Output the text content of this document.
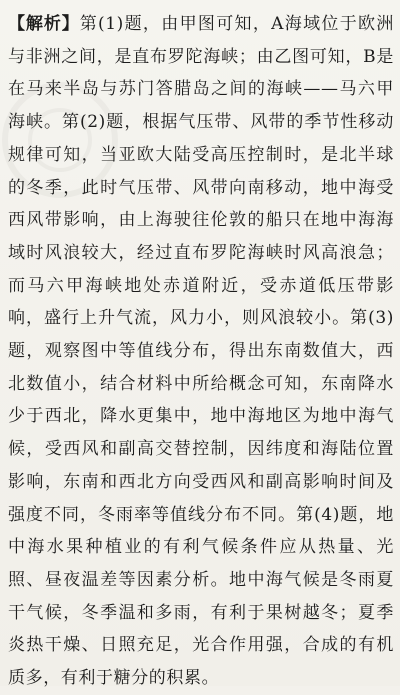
【解析】第(1)题，由甲图可知，A海域位于欧洲与非洲之间，是直布罗陀海峡；由乙图可知，B是在马来半岛与苏门答腊岛之间的海峡——马六甲海峡。第(2)题，根据气压带、风带的季节性移动规律可知，当亚欧大陆受高压控制时，是北半球的冬季，此时气压带、风带向南移动，地中海受西风带影响，由上海驶往伦敦的船只在地中海海域时风浪较大，经过直布罗陀海峡时风高浪急；而马六甲海峡地处赤道附近，受赤道低压带影响，盛行上升气流，风力小，则风浪较小。第(3)题，观察图中等值线分布，得出东南数值大，西北数值小，结合材料中所给概念可知，东南降水少于西北，降水更集中，地中海地区为地中海气候，受西风和副高交替控制，因纬度和海陆位置影响，东南和西北方向受西风和副高影响时间及强度不同，冬雨率等值线分布不同。第(4)题，地中海水果种植业的有利气候条件应从热量、光照、昼夜温差等因素分析。地中海气候是冬雨夏干气候，冬季温和多雨，有利于果树越冬；夏季炎热干燥、日照充足，光合作用强，合成的有机质多，有利于糖分的积累。
